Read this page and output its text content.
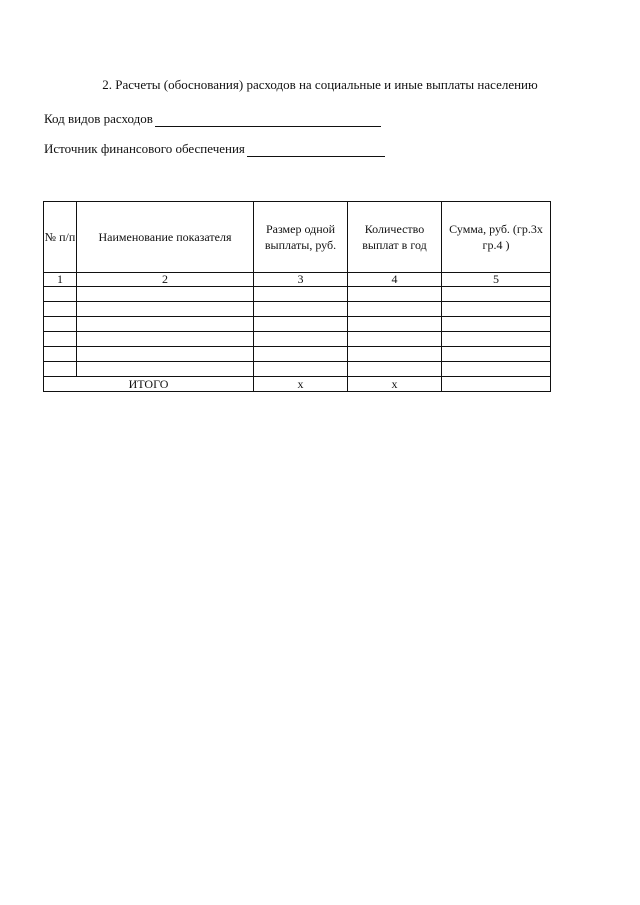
2. Расчеты (обоснования) расходов на социальные и иные выплаты населению
Код видов расходов
Источник финансового обеспечения
№ п/п	Наименование показателя	Размер одной выплаты, руб.	Количество выплат в год	Сумма, руб. (гр.3х гр.4 )
1	2	3	4	5

ИТОГО		x	x	
